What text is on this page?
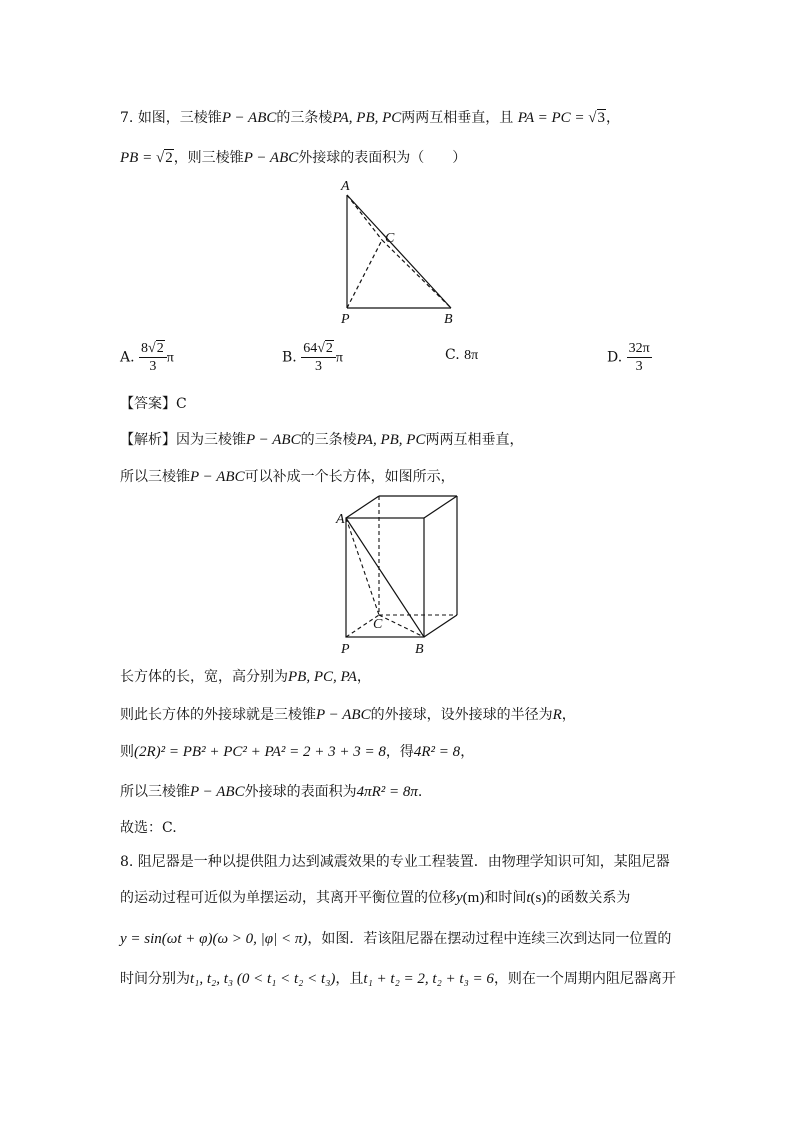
7. 如图，三棱锥P − ABC的三条棱PA, PB, PC两两互相垂直，且 PA = PC = √3，
PB = √2，则三棱锥P − ABC外接球的表面积为（　　）
A
C
P	B
A. $\frac{8√2}{3}$ π	B. $\frac{64√2}{3}$ π	C. 8π	D. $\frac{32\pi}{3}$
【答案】C
【解析】因为三棱锥P − ABC的三条棱PA, PB, PC两两互相垂直，
所以三棱锥P − ABC可以补成一个长方体，如图所示，
A
C
P	B
长方体的长，宽，高分别为PB, PC, PA，
则此长方体的外接球就是三棱锥P − ABC的外接球，设外接球的半径为R，
则(2R)² = PB² + PC² + PA² = 2 + 3 + 3 = 8，得4R² = 8，
所以三棱锥P − ABC外接球的表面积为4πR² = 8π.
故选：C.
8. 阻尼器是一种以提供阻力达到减震效果的专业工程装置．由物理学知识可知，某阻尼器
的运动过程可近似为单摆运动，其离开平衡位置的位移y(m)和时间t(s)的函数关系为
y = sin(ωt + φ)(ω > 0, |φ| < π)，如图．若该阻尼器在摆动过程中连续三次到达同一位置的
时间分别为t₁, t₂, t₃ (0 < t₁ < t₂ < t₃)，且t₁ + t₂ = 2, t₂ + t₃ = 6，则在一个周期内阻尼器离开
